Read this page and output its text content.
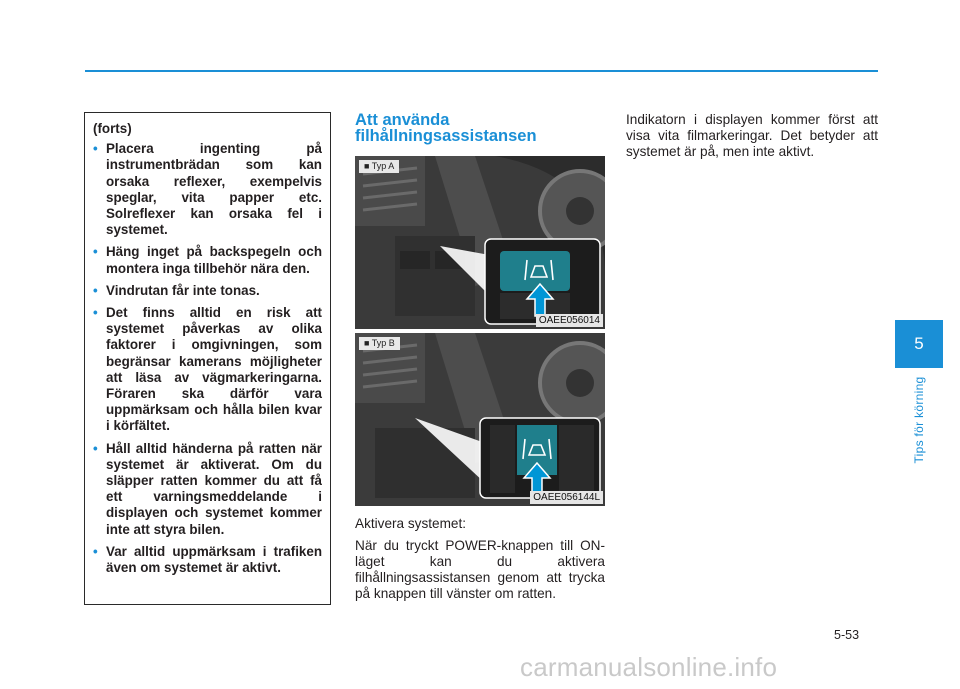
(forts)
• Placera ingenting på instrumentbrädan som kan orsaka reflexer, exempelvis speglar, vita papper etc. Solreflexer kan orsaka fel i systemet.
• Häng inget på backspegeln och montera inga tillbehör nära den.
• Vindrutan får inte tonas.
• Det finns alltid en risk att systemet påverkas av olika faktorer i omgivningen, som begränsar kamerans möjligheter att läsa av vägmarkeringarna. Föraren ska därför vara uppmärksam och hålla bilen kvar i körfältet.
• Håll alltid händerna på ratten när systemet är aktiverat. Om du släpper ratten kommer du att få ett varningsmeddelande i displayen och systemet kommer inte att styra bilen.
• Var alltid uppmärksam i trafiken även om systemet är aktivt.
Att använda filhållningsassistansen
■ Typ A
OAEE056014
■ Typ B
OAEE056144L

Aktivera systemet:

När du tryckt POWER-knappen till ON-läget kan du aktivera filhållningsassistansen genom att trycka på knappen till vänster om ratten.

Indikatorn i displayen kommer först att visa vita filmarkeringar. Det betyder att systemet är på, men inte aktivt.

5
Tips för körning
5-53
carmanualsonline.info
